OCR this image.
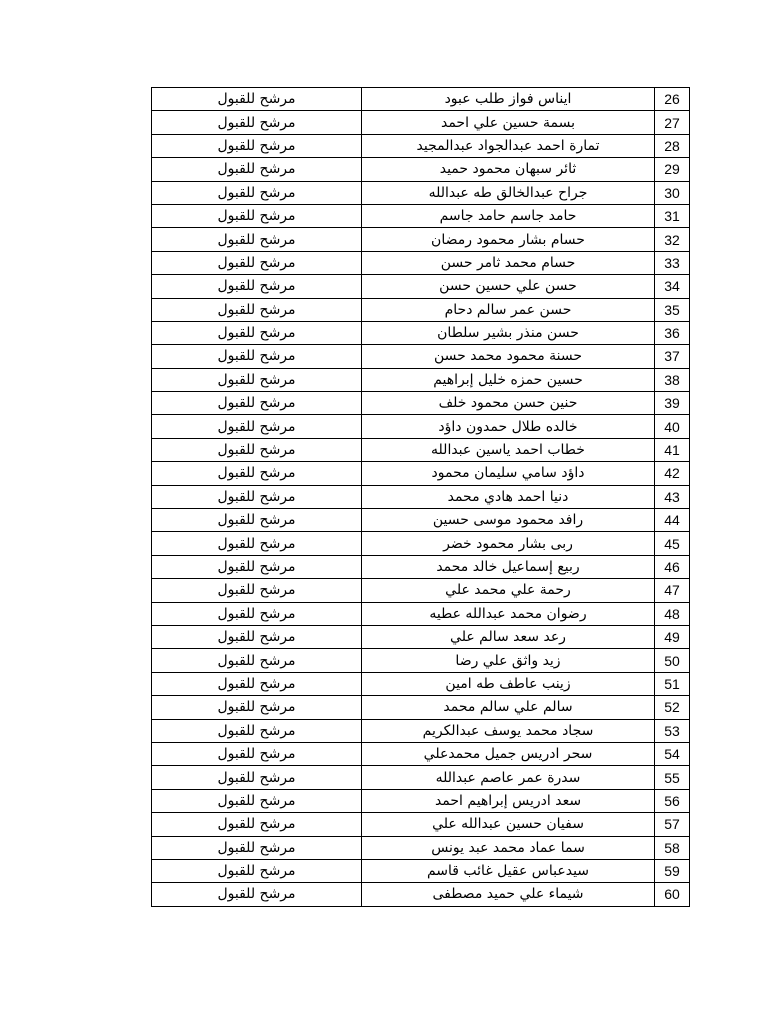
26	ايناس فواز طلب عبود	مرشح للقبول
27	بسمة حسين علي احمد	مرشح للقبول
28	تمارة احمد عبدالجواد عبدالمجيد	مرشح للقبول
29	ثائر سبهان محمود حميد	مرشح للقبول
30	جراح عبدالخالق طه عبدالله	مرشح للقبول
31	حامد جاسم حامد جاسم	مرشح للقبول
32	حسام بشار محمود رمضان	مرشح للقبول
33	حسام محمد ثامر حسن	مرشح للقبول
34	حسن علي حسين حسن	مرشح للقبول
35	حسن عمر سالم دحام	مرشح للقبول
36	حسن منذر بشير سلطان	مرشح للقبول
37	حسنة محمود محمد حسن	مرشح للقبول
38	حسين حمزه خليل إبراهيم	مرشح للقبول
39	حنين حسن محمود خلف	مرشح للقبول
40	خالده طلال حمدون داؤد	مرشح للقبول
41	خطاب احمد ياسين عبدالله	مرشح للقبول
42	داؤد سامي سليمان محمود	مرشح للقبول
43	دنيا احمد هادي محمد	مرشح للقبول
44	رافد محمود موسى حسين	مرشح للقبول
45	ربى بشار محمود خضر	مرشح للقبول
46	ربيع إسماعيل خالد محمد	مرشح للقبول
47	رحمة علي محمد علي	مرشح للقبول
48	رضوان محمد عبدالله عطيه	مرشح للقبول
49	رعد سعد سالم علي	مرشح للقبول
50	زيد واثق علي رضا	مرشح للقبول
51	زينب عاطف طه امين	مرشح للقبول
52	سالم علي سالم محمد	مرشح للقبول
53	سجاد محمد يوسف عبدالكريم	مرشح للقبول
54	سحر ادريس جميل محمدعلي	مرشح للقبول
55	سدرة عمر عاصم عبدالله	مرشح للقبول
56	سعد ادريس إبراهيم احمد	مرشح للقبول
57	سفيان حسين عبدالله علي	مرشح للقبول
58	سما عماد محمد عبد يونس	مرشح للقبول
59	سيدعباس عقيل غائب قاسم	مرشح للقبول
60	شيماء علي حميد مصطفى	مرشح للقبول
